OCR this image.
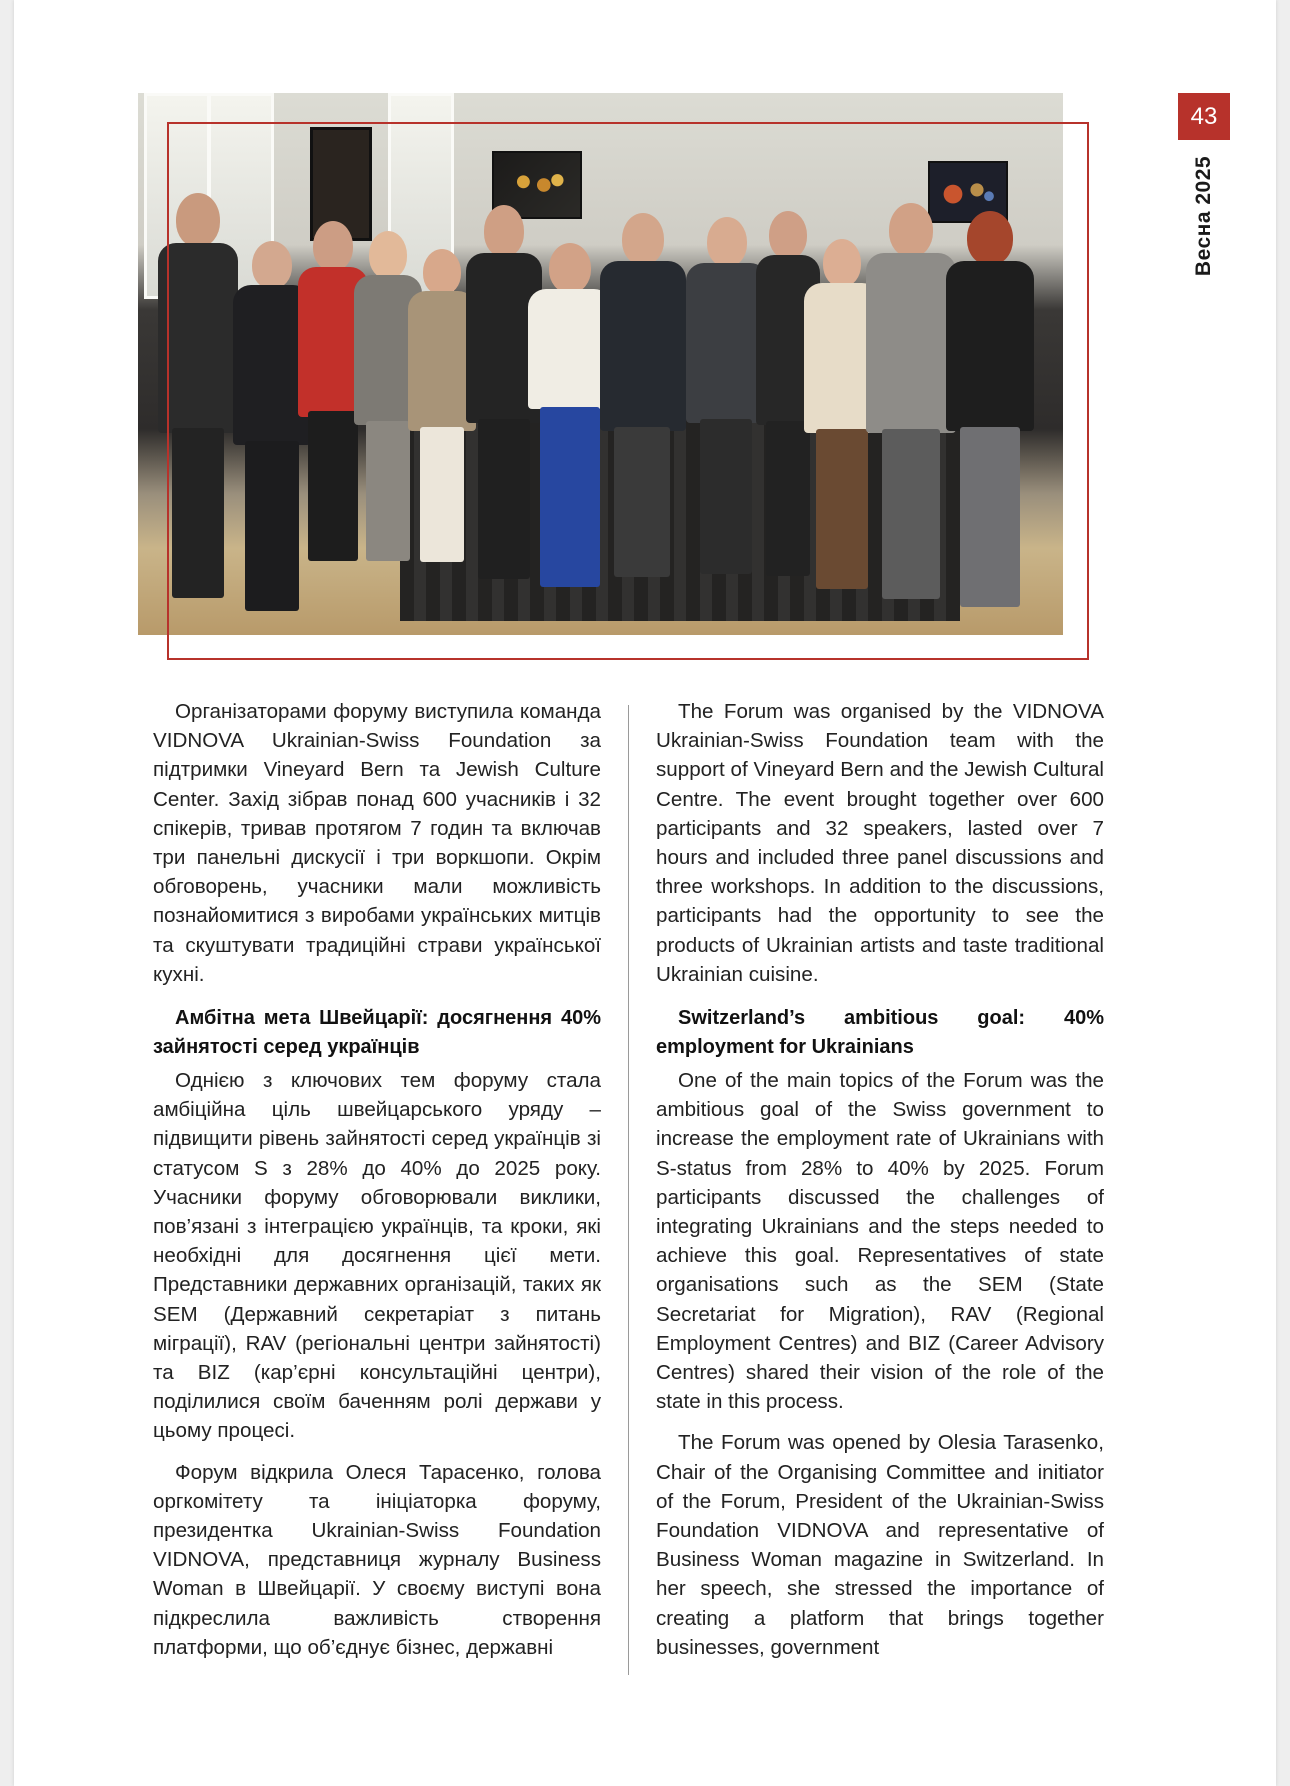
43
Весна 2025

Організаторами форуму виступила команда VIDNOVA Ukrainian-Swiss Foundation за підтримки Vineyard Bern та Jewish Culture Center. Захід зібрав понад 600 учасників і 32 спікерів, тривав протягом 7 годин та включав три панельні дискусії і три воркшопи. Окрім обговорень, учасники мали можливість познайомитися з виробами українських митців та скуштувати традиційні страви української кухні.

Амбітна мета Швейцарії: досягнення 40% зайнятості серед українців

Однією з ключових тем форуму стала амбіційна ціль швейцарського уряду – підвищити рівень зайнятості серед українців зі статусом S з 28% до 40% до 2025 року. Учасники форуму обговорювали виклики, пов’язані з інтеграцією українців, та кроки, які необхідні для досягнення цієї мети. Представники державних організацій, таких як SEM (Державний секретаріат з питань міграції), RAV (регіональні центри зайнятості) та BIZ (кар’єрні консультаційні центри), поділилися своїм баченням ролі держави у цьому процесі.

Форум відкрила Олеся Тарасенко, голова оргкомітету та ініціаторка форуму, президентка Ukrainian-Swiss Foundation VIDNOVA, представниця журналу Business Woman в Швейцарії. У своєму виступі вона підкреслила важливість створення платформи, що об’єднує бізнес, державні

The Forum was organised by the VIDNOVA Ukrainian-Swiss Foundation team with the support of Vineyard Bern and the Jewish Cultural Centre. The event brought together over 600 participants and 32 speakers, lasted over 7 hours and included three panel discussions and three workshops. In addition to the discussions, participants had the opportunity to see the products of Ukrainian artists and taste traditional Ukrainian cuisine.

Switzerland’s ambitious goal: 40% employment for Ukrainians

One of the main topics of the Forum was the ambitious goal of the Swiss government to increase the employment rate of Ukrainians with S-status from 28% to 40% by 2025. Forum participants discussed the challenges of integrating Ukrainians and the steps needed to achieve this goal. Representatives of state organisations such as the SEM (State Secretariat for Migration), RAV (Regional Employment Centres) and BIZ (Career Advisory Centres) shared their vision of the role of the state in this process.

The Forum was opened by Olesia Tarasenko, Chair of the Organising Committee and initiator of the Forum, President of the Ukrainian-Swiss Foundation VIDNOVA and representative of Business Woman magazine in Switzerland. In her speech, she stressed the importance of creating a platform that brings together businesses, government
